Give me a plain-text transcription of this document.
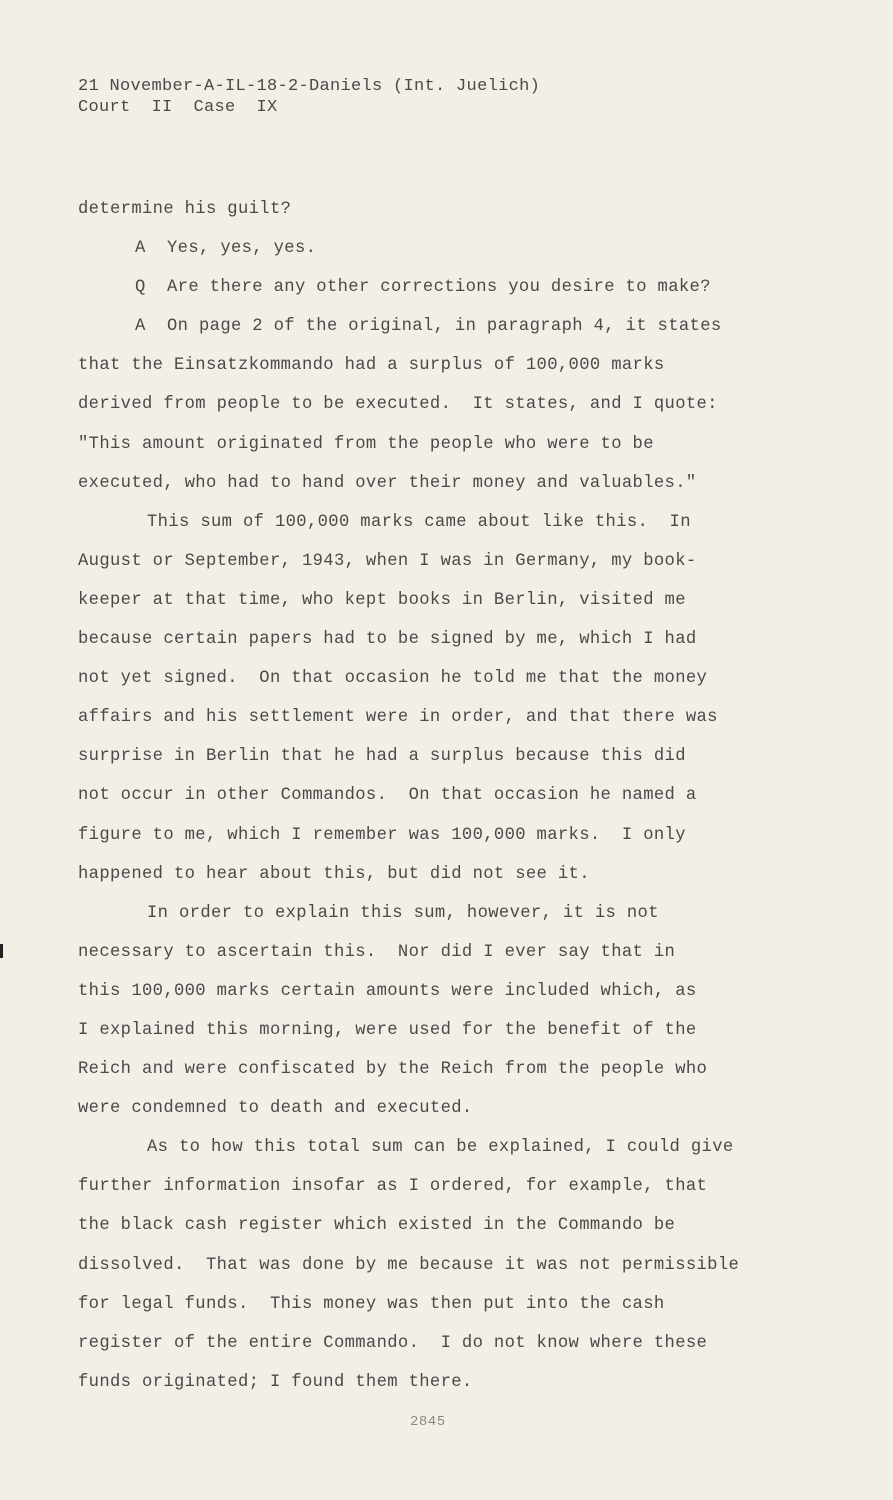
21 November-A-IL-18-2-Daniels (Int. Juelich)
Court  II  Case  IX
determine his guilt?
A  Yes, yes, yes.
Q  Are there any other corrections you desire to make?
A  On page 2 of the original, in paragraph 4, it states
that the Einsatzkommando had a surplus of 100,000 marks
derived from people to be executed.  It states, and I quote:
"This amount originated from the people who were to be
executed, who had to hand over their money and valuables."
This sum of 100,000 marks came about like this.  In
August or September, 1943, when I was in Germany, my book-
keeper at that time, who kept books in Berlin, visited me
because certain papers had to be signed by me, which I had
not yet signed.  On that occasion he told me that the money
affairs and his settlement were in order, and that there was
surprise in Berlin that he had a surplus because this did
not occur in other Commandos.  On that occasion he named a
figure to me, which I remember was 100,000 marks.  I only
happened to hear about this, but did not see it.
In order to explain this sum, however, it is not
necessary to ascertain this.  Nor did I ever say that in
this 100,000 marks certain amounts were included which, as
I explained this morning, were used for the benefit of the
Reich and were confiscated by the Reich from the people who
were condemned to death and executed.
As to how this total sum can be explained, I could give
further information insofar as I ordered, for example, that
the black cash register which existed in the Commando be
dissolved.  That was done by me because it was not permissible
for legal funds.  This money was then put into the cash
register of the entire Commando.  I do not know where these
funds originated; I found them there.
2845
